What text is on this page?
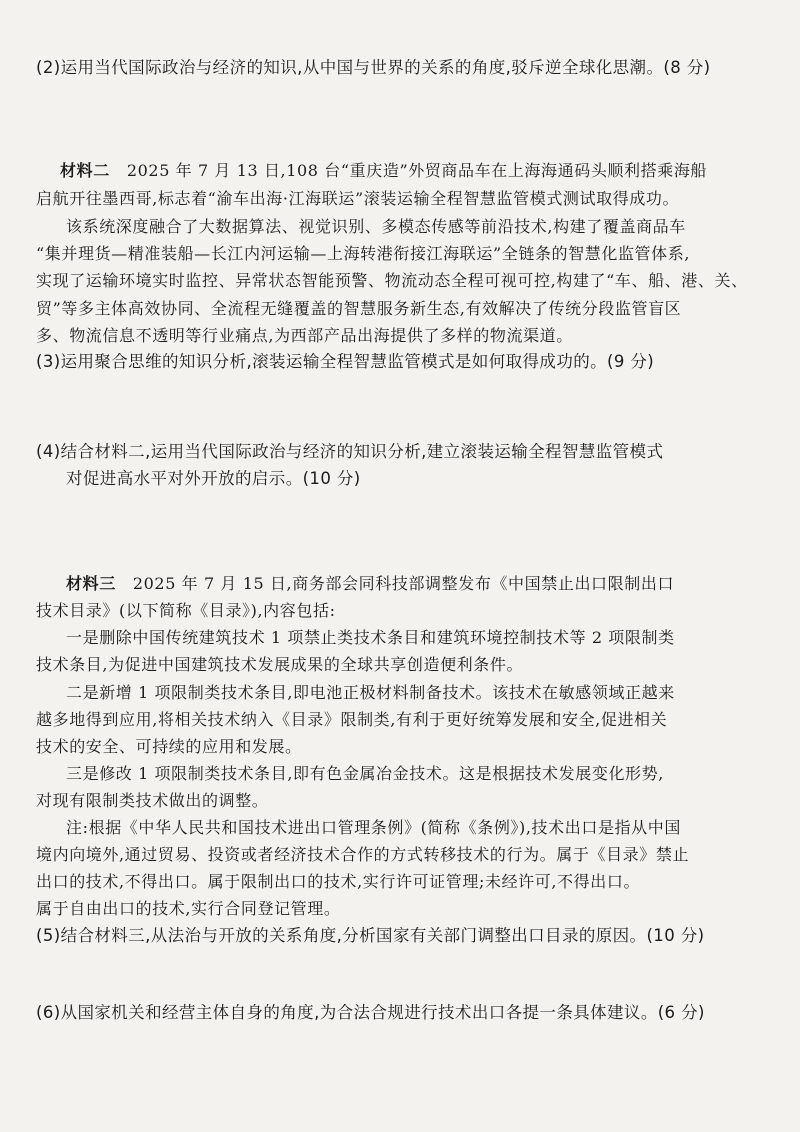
(2)运用当代国际政治与经济的知识,从中国与世界的关系的角度,驳斥逆全球化思潮。(8 分)
材料二 2025 年 7 月 13 日,108 台“重庆造”外贸商品车在上海海通码头顺利搭乘海船
启航开往墨西哥,标志着“渝车出海·江海联运”滚装运输全程智慧监管模式测试取得成功。
该系统深度融合了大数据算法、视觉识别、多模态传感等前沿技术,构建了覆盖商品车
“集并理货—精准装船—长江内河运输—上海转港衔接江海联运”全链条的智慧化监管体系,
实现了运输环境实时监控、异常状态智能预警、物流动态全程可视可控,构建了“车、船、港、关、
贸”等多主体高效协同、全流程无缝覆盖的智慧服务新生态,有效解决了传统分段监管盲区
多、物流信息不透明等行业痛点,为西部产品出海提供了多样的物流渠道。
(3)运用聚合思维的知识分析,滚装运输全程智慧监管模式是如何取得成功的。(9 分)
(4)结合材料二,运用当代国际政治与经济的知识分析,建立滚装运输全程智慧监管模式
对促进高水平对外开放的启示。(10 分)
材料三 2025 年 7 月 15 日,商务部会同科技部调整发布《中国禁止出口限制出口
技术目录》(以下简称《目录》),内容包括:
一是删除中国传统建筑技术 1 项禁止类技术条目和建筑环境控制技术等 2 项限制类
技术条目,为促进中国建筑技术发展成果的全球共享创造便利条件。
二是新增 1 项限制类技术条目,即电池正极材料制备技术。该技术在敏感领域正越来
越多地得到应用,将相关技术纳入《目录》限制类,有利于更好统筹发展和安全,促进相关
技术的安全、可持续的应用和发展。
三是修改 1 项限制类技术条目,即有色金属冶金技术。这是根据技术发展变化形势,
对现有限制类技术做出的调整。
注:根据《中华人民共和国技术进出口管理条例》(简称《条例》),技术出口是指从中国
境内向境外,通过贸易、投资或者经济技术合作的方式转移技术的行为。属于《目录》禁止
出口的技术,不得出口。属于限制出口的技术,实行许可证管理;未经许可,不得出口。
属于自由出口的技术,实行合同登记管理。
(5)结合材料三,从法治与开放的关系角度,分析国家有关部门调整出口目录的原因。(10 分)
(6)从国家机关和经营主体自身的角度,为合法合规进行技术出口各提一条具体建议。(6 分)
